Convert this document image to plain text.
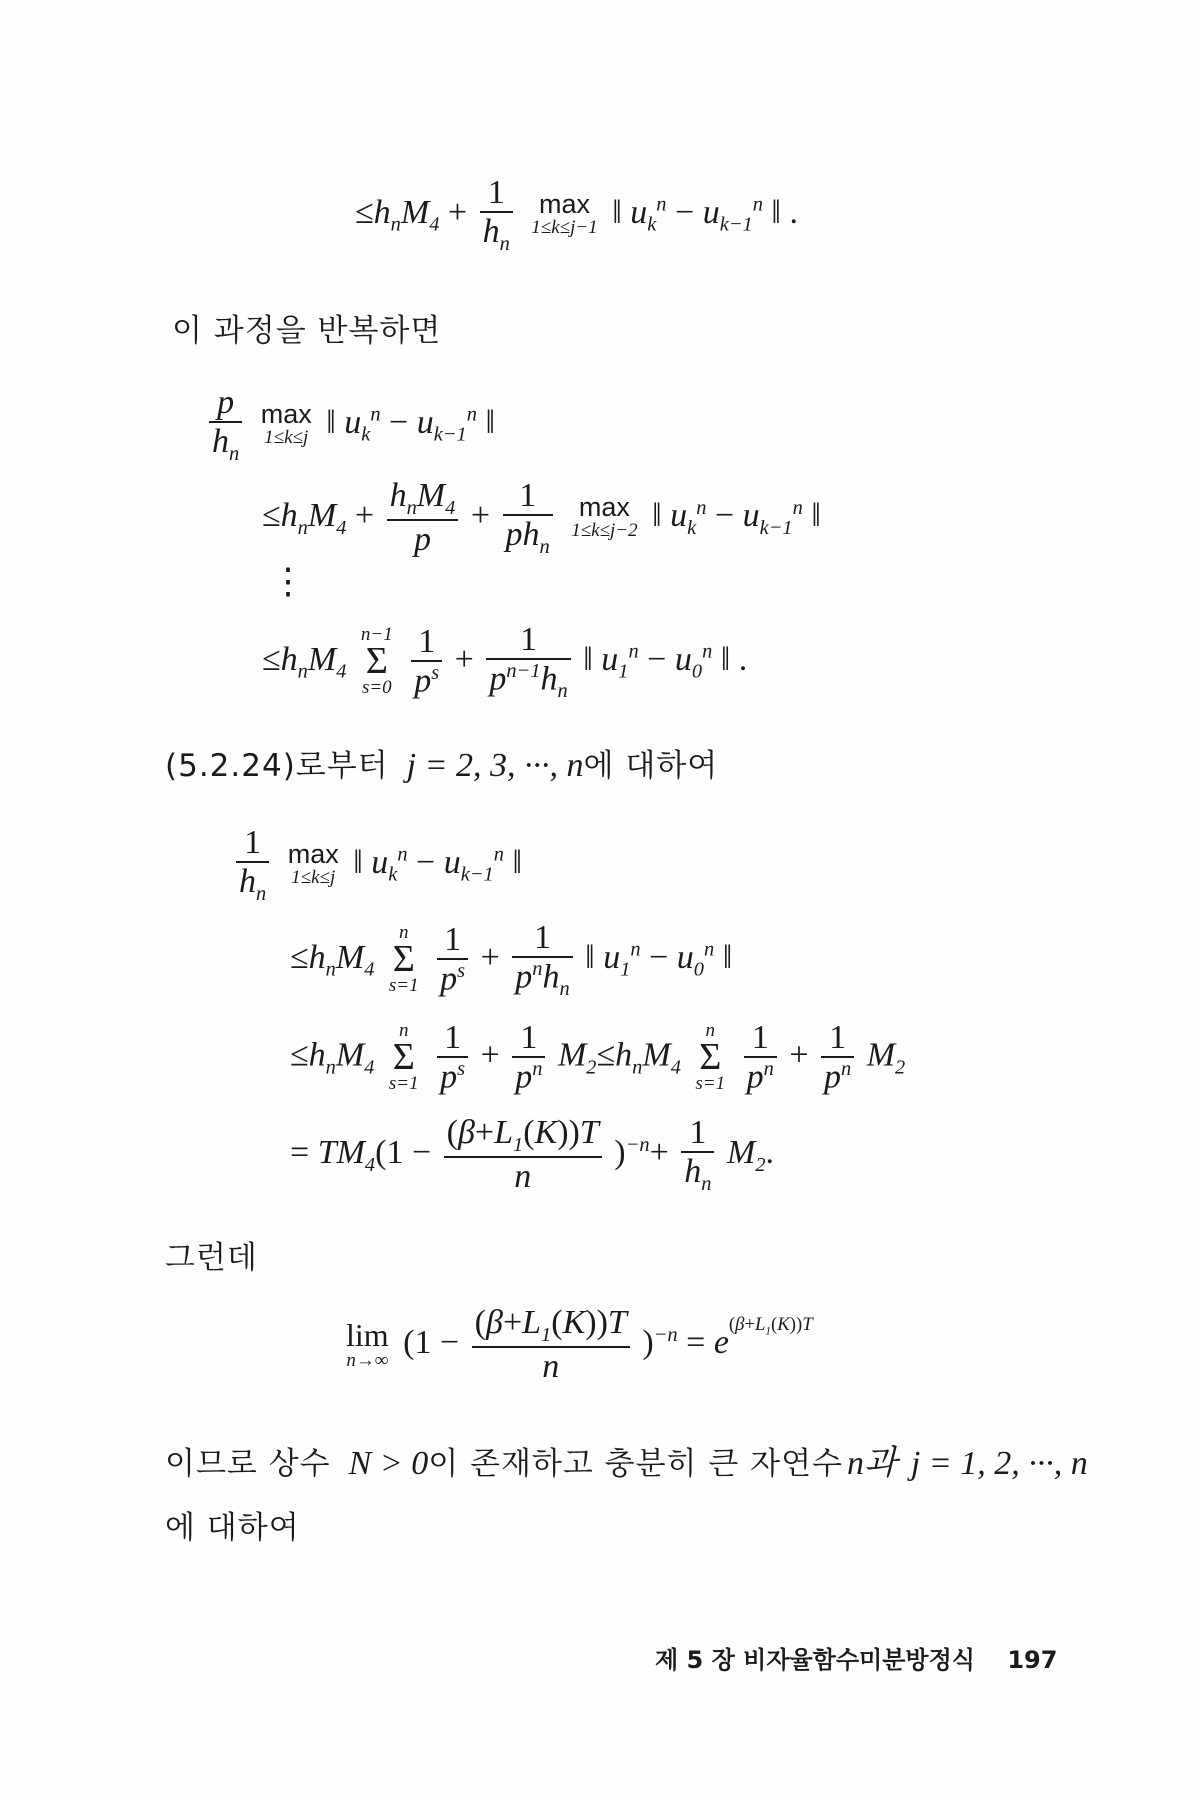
$\le h_nM_4 + \frac{1}{h_n}$
max
1≤k≤j−1 ‖ $u_k^n - u_{k-1}^n$ ‖ .
이 과정을 반복하면
$\frac{p}{h_n}$
max
1≤k≤j ‖ $u_k^n - u_{k-1}^n$ ‖
$\le h_nM_4 + \frac{h_nM_4}{p} + \frac{1}{ph_n}$
max
1≤k≤j−2 ‖ $u_k^n - u_{k-1}^n$ ‖
⋮
$\le h_nM_4$
n−1
Σ
s=0
$\frac{1}{p^s} + \frac{1}{p^{n-1}h_n}$ ‖ $u_1^n - u_0^n$ ‖ .
(5.2.24)로부터 j = 2, 3, ···, n에 대하여
$\frac{1}{h_n}$
max
1≤k≤j ‖ $u_k^n - u_{k-1}^n$ ‖
$\le h_nM_4$
n
Σ
s=1
$\frac{1}{p^s} + \frac{1}{p^nh_n}$ ‖ $u_1^n - u_0^n$ ‖
$\le h_nM_4$
n
Σ
s=1
$\frac{1}{p^s} + \frac{1}{p^n} M_2\le h_nM_4$
n
Σ
s=1
$\frac{1}{p^n} + \frac{1}{p^n} M_2$
= $TM_4(1 - \frac{(\beta+L_1(K))T}{n} )^{-n}+ \frac{1}{h_n} M_2$.
그런데
lim
n→∞ $(1 - \frac{(\beta+L_1(K))T}{n} )^{-n} = e^{(\beta+L_1(K))T}$
이므로 상수 N > 0이 존재하고 충분히 큰 자연수 n과 j = 1, 2, ···, n
에 대하여
제 5 장 비자율함수미분방정식 197
